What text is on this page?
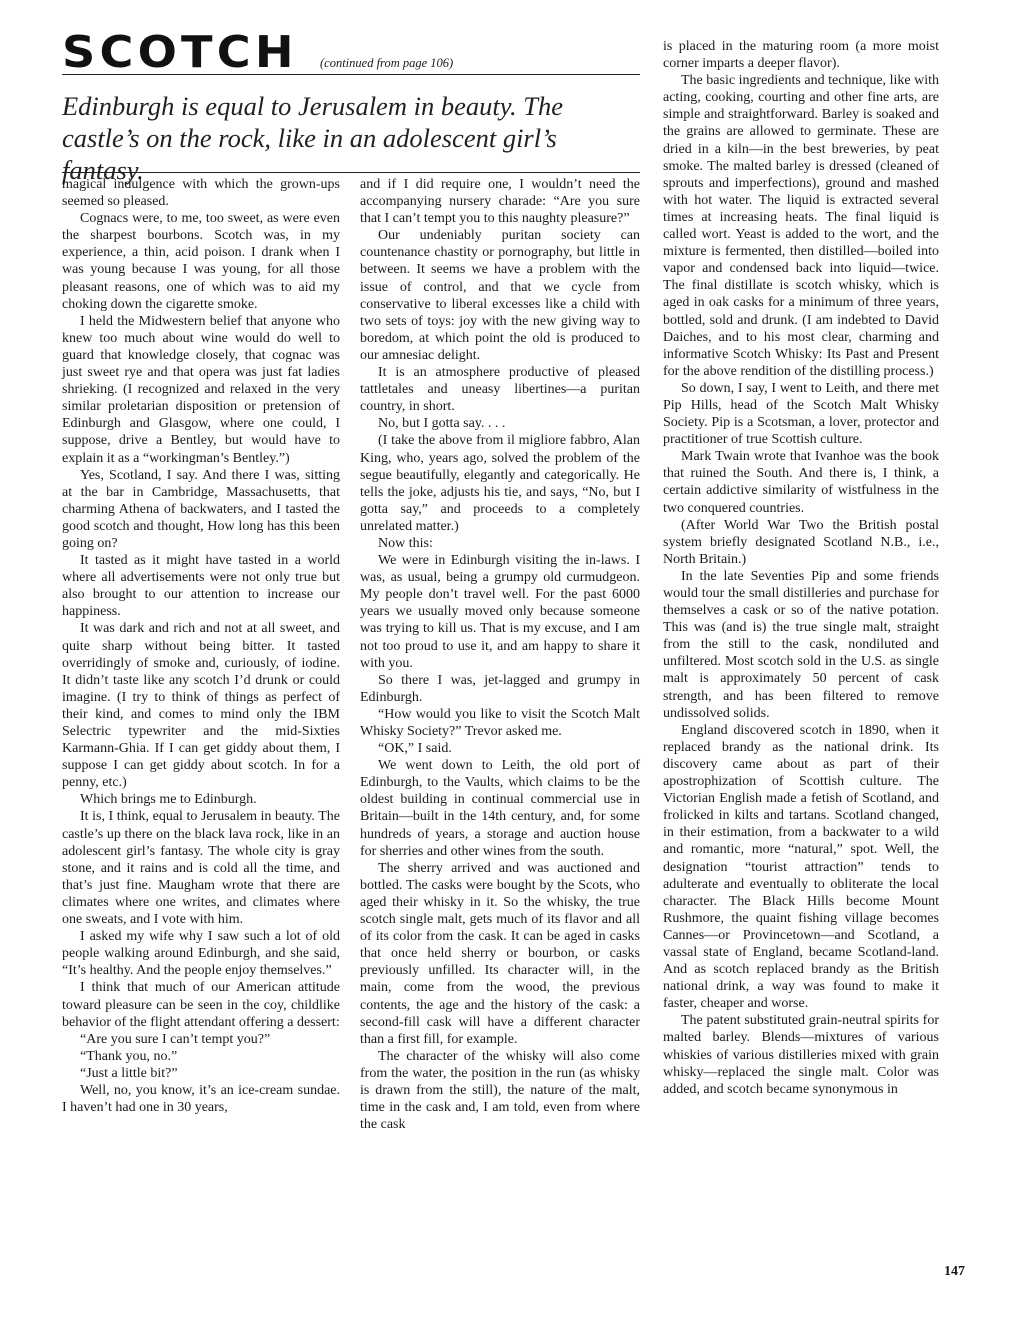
SCOTCH (continued from page 106)
Edinburgh is equal to Jerusalem in beauty. The castle’s on the rock, like in an adolescent girl’s fantasy.

magical indulgence with which the grown-ups seemed so pleased.

Cognacs were, to me, too sweet, as were even the sharpest bourbons. Scotch was, in my experience, a thin, acid poison. I drank when I was young because I was young, for all those pleasant reasons, one of which was to aid my choking down the cigarette smoke.

I held the Midwestern belief that anyone who knew too much about wine would do well to guard that knowledge closely, that cognac was just sweet rye and that opera was just fat ladies shrieking. (I recognized and relaxed in the very similar proletarian disposition or pretension of Edinburgh and Glasgow, where one could, I suppose, drive a Bentley, but would have to explain it as a “workingman’s Bentley.”)

Yes, Scotland, I say. And there I was, sitting at the bar in Cambridge, Massachusetts, that charming Athena of backwaters, and I tasted the good scotch and thought, How long has this been going on?

It tasted as it might have tasted in a world where all advertisements were not only true but also brought to our attention to increase our happiness.

It was dark and rich and not at all sweet, and quite sharp without being bitter. It tasted overridingly of smoke and, curiously, of iodine. It didn’t taste like any scotch I’d drunk or could imagine. (I try to think of things as perfect of their kind, and comes to mind only the IBM Selectric typewriter and the mid-Sixties Karmann-Ghia. If I can get giddy about them, I suppose I can get giddy about scotch. In for a penny, etc.)

Which brings me to Edinburgh.

It is, I think, equal to Jerusalem in beauty. The castle’s up there on the black lava rock, like in an adolescent girl’s fantasy. The whole city is gray stone, and it rains and is cold all the time, and that’s just fine. Maugham wrote that there are climates where one writes, and climates where one sweats, and I vote with him.

I asked my wife why I saw such a lot of old people walking around Edinburgh, and she said, “It’s healthy. And the people enjoy themselves.”

I think that much of our American attitude toward pleasure can be seen in the coy, childlike behavior of the flight attendant offering a dessert:

“Are you sure I can’t tempt you?”

“Thank you, no.”

“Just a little bit?”

Well, no, you know, it’s an ice-cream sundae. I haven’t had one in 30 years,

and if I did require one, I wouldn’t need the accompanying nursery charade: “Are you sure that I can’t tempt you to this naughty pleasure?”

Our undeniably puritan society can countenance chastity or pornography, but little in between. It seems we have a problem with the issue of control, and that we cycle from conservative to liberal excesses like a child with two sets of toys: joy with the new giving way to boredom, at which point the old is produced to our amnesiac delight.

It is an atmosphere productive of pleased tattletales and uneasy libertines—a puritan country, in short.

No, but I gotta say. . . .

(I take the above from il migliore fabbro, Alan King, who, years ago, solved the problem of the segue beautifully, elegantly and categorically. He tells the joke, adjusts his tie, and says, “No, but I gotta say,” and proceeds to a completely unrelated matter.)

Now this:

We were in Edinburgh visiting the in-laws. I was, as usual, being a grumpy old curmudgeon. My people don’t travel well. For the past 6000 years we usually moved only because someone was trying to kill us. That is my excuse, and I am not too proud to use it, and am happy to share it with you.

So there I was, jet-lagged and grumpy in Edinburgh.

“How would you like to visit the Scotch Malt Whisky Society?” Trevor asked me.

“OK,” I said.

We went down to Leith, the old port of Edinburgh, to the Vaults, which claims to be the oldest building in continual commercial use in Britain—built in the 14th century, and, for some hundreds of years, a storage and auction house for sherries and other wines from the south.

The sherry arrived and was auctioned and bottled. The casks were bought by the Scots, who aged their whisky in it. So the whisky, the true scotch single malt, gets much of its flavor and all of its color from the cask. It can be aged in casks that once held sherry or bourbon, or casks previously unfilled. Its character will, in the main, come from the wood, the previous contents, the age and the history of the cask: a second-fill cask will have a different character than a first fill, for example.

The character of the whisky will also come from the water, the position in the run (as whisky is drawn from the still), the nature of the malt, time in the cask and, I am told, even from where the cask

is placed in the maturing room (a more moist corner imparts a deeper flavor).

The basic ingredients and technique, like with acting, cooking, courting and other fine arts, are simple and straightforward. Barley is soaked and the grains are allowed to germinate. These are dried in a kiln—in the best breweries, by peat smoke. The malted barley is dressed (cleaned of sprouts and imperfections), ground and mashed with hot water. The liquid is extracted several times at increasing heats. The final liquid is called wort. Yeast is added to the wort, and the mixture is fermented, then distilled—boiled into vapor and condensed back into liquid—twice. The final distillate is scotch whisky, which is aged in oak casks for a minimum of three years, bottled, sold and drunk. (I am indebted to David Daiches, and to his most clear, charming and informative Scotch Whisky: Its Past and Present for the above rendition of the distilling process.)

So down, I say, I went to Leith, and there met Pip Hills, head of the Scotch Malt Whisky Society. Pip is a Scotsman, a lover, protector and practitioner of true Scottish culture.

Mark Twain wrote that Ivanhoe was the book that ruined the South. And there is, I think, a certain addictive similarity of wistfulness in the two conquered countries.

(After World War Two the British postal system briefly designated Scotland N.B., i.e., North Britain.)

In the late Seventies Pip and some friends would tour the small distilleries and purchase for themselves a cask or so of the native potation. This was (and is) the true single malt, straight from the still to the cask, nondiluted and unfiltered. Most scotch sold in the U.S. as single malt is approximately 50 percent of cask strength, and has been filtered to remove undissolved solids.

England discovered scotch in 1890, when it replaced brandy as the national drink. Its discovery came about as part of their apostrophization of Scottish culture. The Victorian English made a fetish of Scotland, and frolicked in kilts and tartans. Scotland changed, in their estimation, from a backwater to a wild and romantic, more “natural,” spot. Well, the designation “tourist attraction” tends to adulterate and eventually to obliterate the local character. The Black Hills become Mount Rushmore, the quaint fishing village becomes Cannes—or Provincetown—and Scotland, a vassal state of England, became Scotland-land. And as scotch replaced brandy as the British national drink, a way was found to make it faster, cheaper and worse.

The patent substituted grain-neutral spirits for malted barley. Blends—mixtures of various whiskies of various distilleries mixed with grain whisky—replaced the single malt. Color was added, and scotch became synonymous in

147
